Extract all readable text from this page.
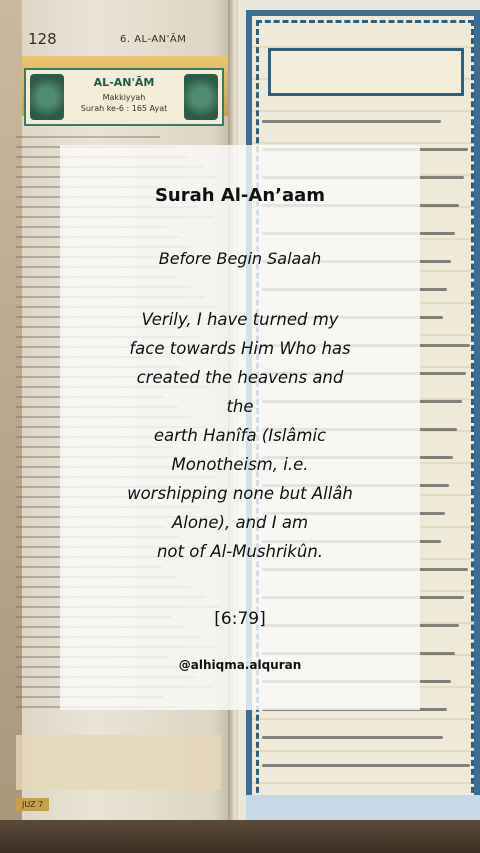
128	6. AL-AN'ĀM
AL-AN'ĀM
Makkiyyah
Surah ke-6 : 165 Ayat
JUZ 7
Surah Al-An’aam
Before Begin Salaah
Verily, I have turned my
face towards Him Who has
created the heavens and
the
earth Hanîfa (Islâmic
Monotheism, i.e.
worshipping none but Allâh
Alone), and I am
not of Al-Mushrikûn.
[6:79]
@alhiqma.alquran
